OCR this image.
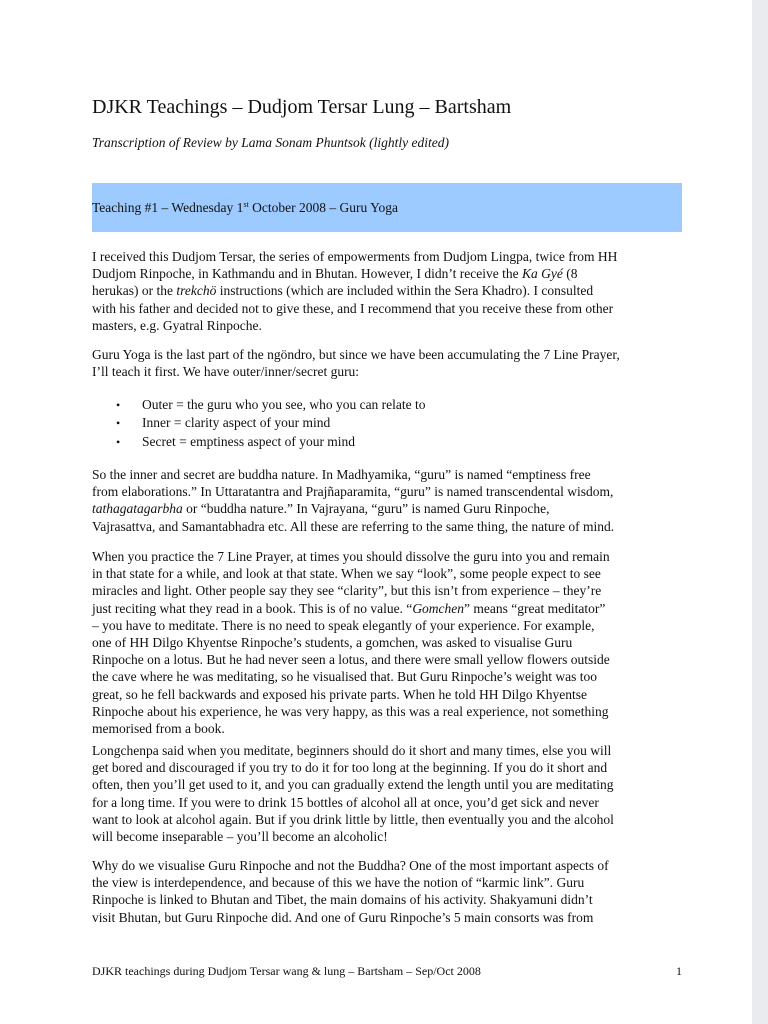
DJKR Teachings – Dudjom Tersar Lung – Bartsham
Transcription of Review by Lama Sonam Phuntsok (lightly edited)
Teaching #1 – Wednesday 1st October 2008 – Guru Yoga
I received this Dudjom Tersar, the series of empowerments from Dudjom Lingpa, twice from HH
Dudjom Rinpoche, in Kathmandu and in Bhutan. However, I didn’t receive the Ka Gyé (8
herukas) or the trekchö instructions (which are included within the Sera Khadro). I consulted
with his father and decided not to give these, and I recommend that you receive these from other
masters, e.g. Gyatral Rinpoche.
Guru Yoga is the last part of the ngöndro, but since we have been accumulating the 7 Line Prayer,
I’ll teach it first. We have outer/inner/secret guru:
• Outer = the guru who you see, who you can relate to
• Inner = clarity aspect of your mind
• Secret = emptiness aspect of your mind
So the inner and secret are buddha nature. In Madhyamika, “guru” is named “emptiness free
from elaborations.” In Uttaratantra and Prajñaparamita, “guru” is named transcendental wisdom,
tathagatagarbha or “buddha nature.” In Vajrayana, “guru” is named Guru Rinpoche,
Vajrasattva, and Samantabhadra etc. All these are referring to the same thing, the nature of mind.
When you practice the 7 Line Prayer, at times you should dissolve the guru into you and remain
in that state for a while, and look at that state. When we say “look”, some people expect to see
miracles and light. Other people say they see “clarity”, but this isn’t from experience – they’re
just reciting what they read in a book. This is of no value. “Gomchen” means “great meditator”
– you have to meditate. There is no need to speak elegantly of your experience. For example,
one of HH Dilgo Khyentse Rinpoche’s students, a gomchen, was asked to visualise Guru
Rinpoche on a lotus. But he had never seen a lotus, and there were small yellow flowers outside
the cave where he was meditating, so he visualised that. But Guru Rinpoche’s weight was too
great, so he fell backwards and exposed his private parts. When he told HH Dilgo Khyentse
Rinpoche about his experience, he was very happy, as this was a real experience, not something
memorised from a book.
Longchenpa said when you meditate, beginners should do it short and many times, else you will
get bored and discouraged if you try to do it for too long at the beginning. If you do it short and
often, then you’ll get used to it, and you can gradually extend the length until you are meditating
for a long time. If you were to drink 15 bottles of alcohol all at once, you’d get sick and never
want to look at alcohol again. But if you drink little by little, then eventually you and the alcohol
will become inseparable – you’ll become an alcoholic!
Why do we visualise Guru Rinpoche and not the Buddha? One of the most important aspects of
the view is interdependence, and because of this we have the notion of “karmic link”. Guru
Rinpoche is linked to Bhutan and Tibet, the main domains of his activity. Shakyamuni didn’t
visit Bhutan, but Guru Rinpoche did. And one of Guru Rinpoche’s 5 main consorts was from
DJKR teachings during Dudjom Tersar wang & lung – Bartsham – Sep/Oct 2008	1
